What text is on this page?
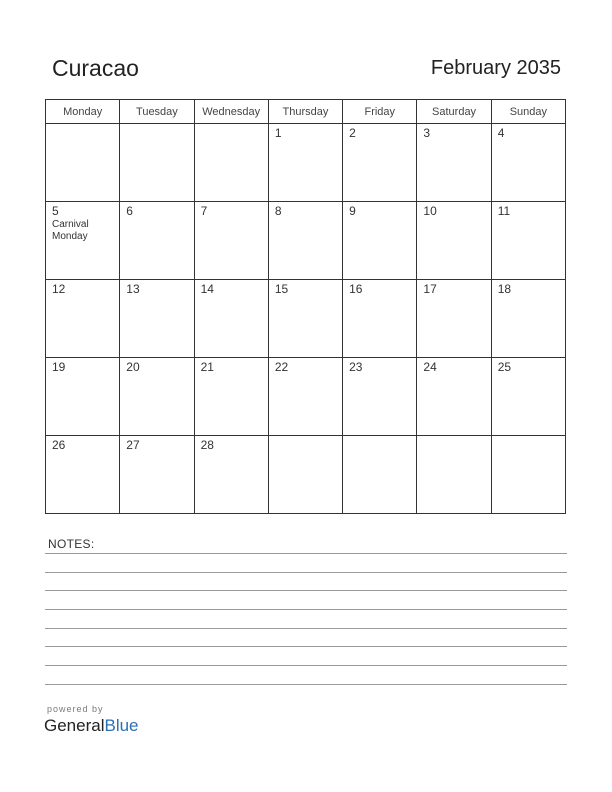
Curacao	February 2035
Monday	Tuesday	Wednesday	Thursday	Friday	Saturday	Sunday

			1	2	3	4

5
Carnival Monday	6	7	8	9	10	11

12	13	14	15	16	17	18

19	20	21	22	23	24	25

26	27	28				

NOTES:
powered by
GeneralBlue
